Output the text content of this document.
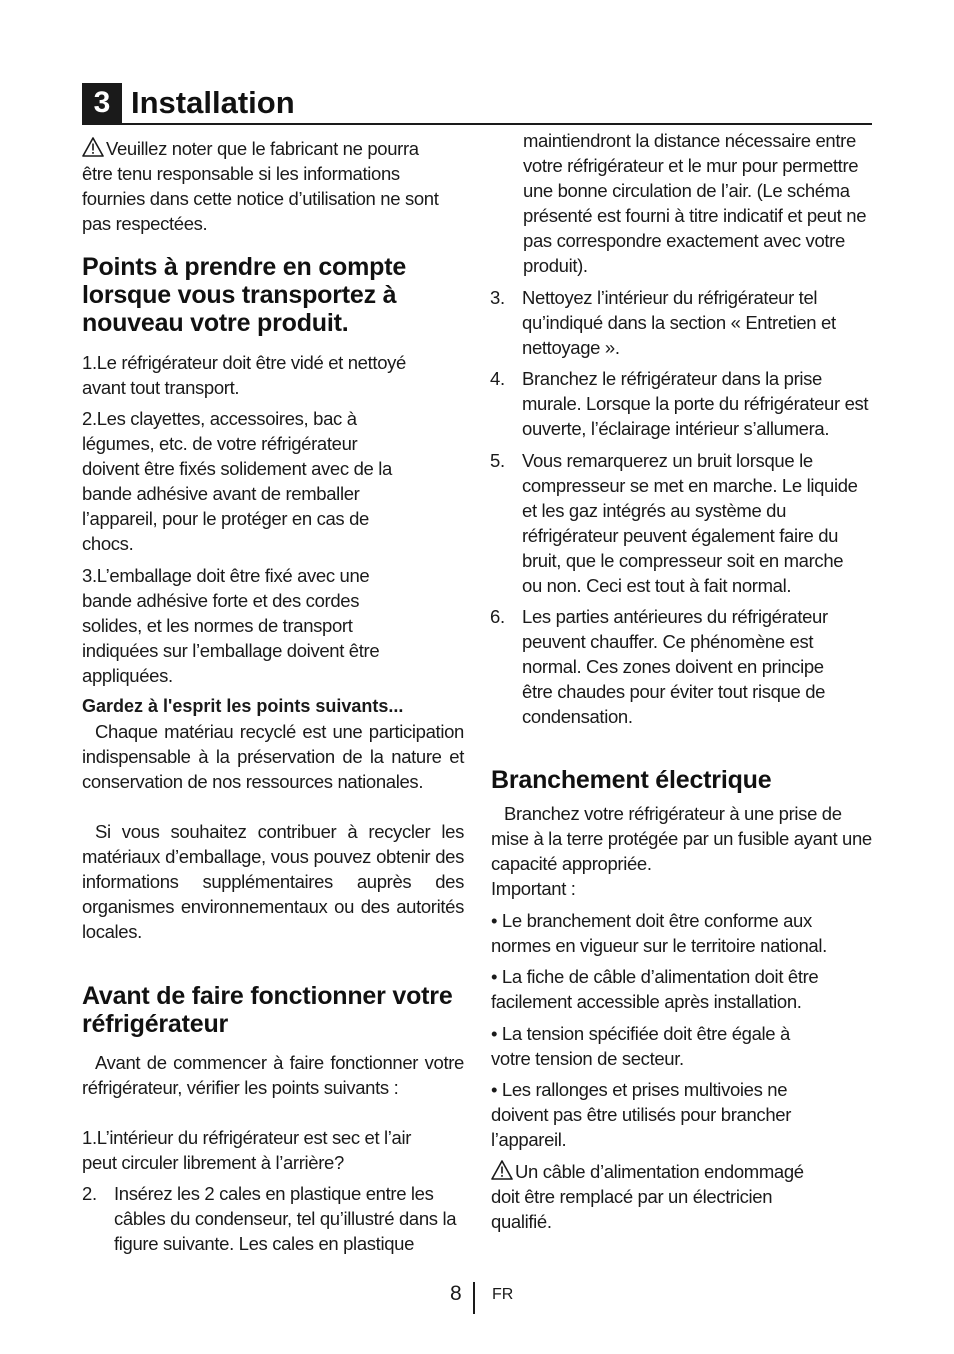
3 Installation
Veuillez noter que le fabricant ne pourra être tenu responsable si les informations fournies dans cette notice d’utilisation ne sont pas respectées.
Points à prendre en compte lorsque vous transportez à nouveau votre produit.
1.Le réfrigérateur doit être vidé et nettoyé avant tout transport.
2.Les clayettes, accessoires, bac à légumes, etc. de votre réfrigérateur doivent être fixés solidement avec de la bande adhésive avant de remballer l’appareil, pour le protéger en cas de chocs.
3.L’emballage doit être fixé avec une bande adhésive forte et des cordes solides, et les normes de transport indiquées sur l’emballage doivent être appliquées.
Gardez à l'esprit les points suivants...
Chaque matériau recyclé est une participation indispensable à la préservation de la nature et conservation de nos ressources nationales.
Si vous souhaitez contribuer à recycler les matériaux d’emballage, vous pouvez obtenir des informations supplémentaires auprès des organismes environnementaux ou des autorités locales.
Avant de faire fonctionner votre réfrigérateur
Avant de commencer à faire fonctionner votre réfrigérateur, vérifier les points suivants :
1.L’intérieur du réfrigérateur est sec et l’air peut circuler librement à l’arrière?
2. Insérez les 2 cales en plastique entre les câbles du condenseur, tel qu’illustré dans la figure suivante. Les cales en plastique
maintiendront la distance nécessaire entre votre réfrigérateur et le mur pour permettre une bonne circulation de l’air. (Le schéma présenté est fourni à titre indicatif et peut ne pas correspondre exactement avec votre produit).
3. Nettoyez l’intérieur du réfrigérateur tel qu’indiqué dans la section « Entretien et nettoyage ».
4. Branchez le réfrigérateur dans la prise murale. Lorsque la porte du réfrigérateur est ouverte, l’éclairage intérieur s’allumera.
5. Vous remarquerez un bruit lorsque le compresseur se met en marche. Le liquide et les gaz intégrés au système du réfrigérateur peuvent également faire du bruit, que le compresseur soit en marche ou non. Ceci est tout à fait normal.
6. Les parties antérieures du réfrigérateur peuvent chauffer. Ce phénomène est normal. Ces zones doivent en principe être chaudes pour éviter tout risque de condensation.
Branchement électrique
Branchez votre réfrigérateur à une prise de mise à la terre protégée par un fusible ayant une capacité appropriée.
Important :
• Le branchement doit être conforme aux normes en vigueur sur le territoire national.
• La fiche de câble d’alimentation doit être facilement accessible après installation.
• La tension spécifiée doit être égale à votre tension de secteur.
• Les rallonges et prises multivoies ne doivent pas être utilisés pour brancher l’appareil.
Un câble d’alimentation endommagé doit être remplacé par un électricien qualifié.
8 FR
